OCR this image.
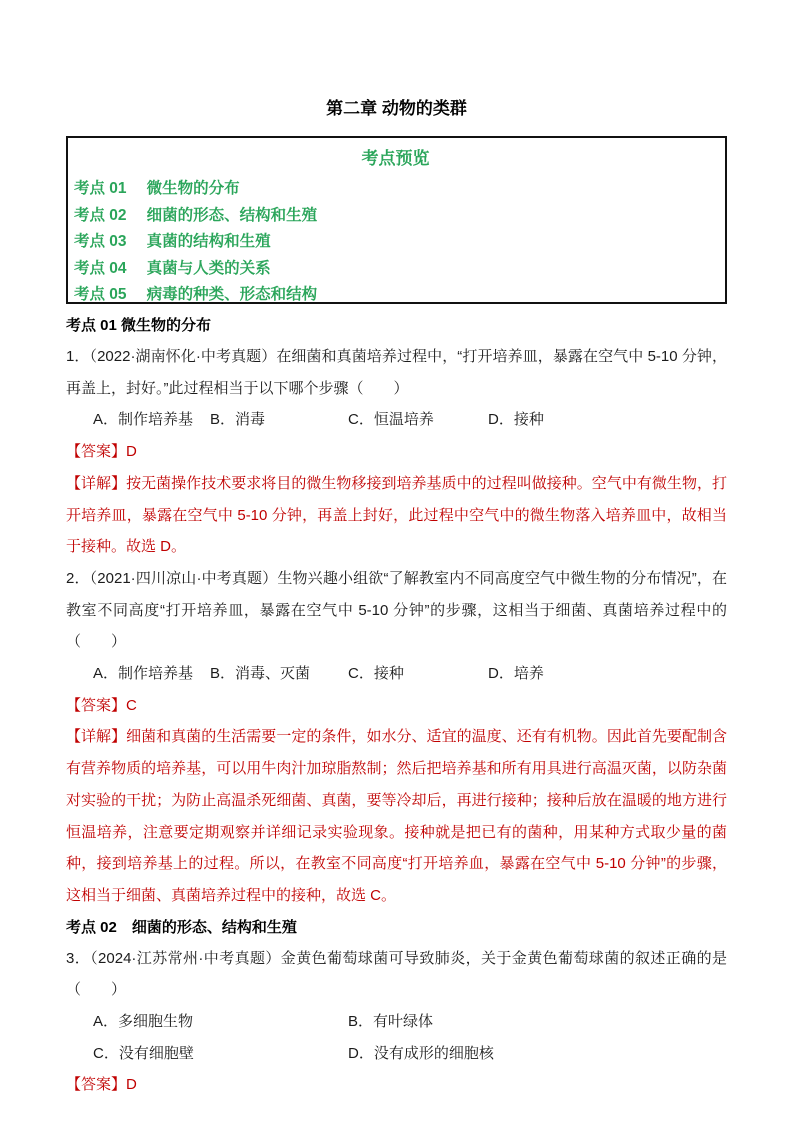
第二章 动物的类群
考点预览
考点 01 微生物的分布
考点 02 细菌的形态、结构和生殖
考点 03 真菌的结构和生殖
考点 04 真菌与人类的关系
考点 05 病毒的种类、形态和结构

考点 01 微生物的分布

1．（2022·湖南怀化·中考真题）在细菌和真菌培养过程中，“打开培养皿，暴露在空气中 5-10 分钟，再盖上，封好。”此过程相当于以下哪个步骤（　　）

A．制作培养基	B．消毒	C．恒温培养	D．接种

【答案】D

【详解】按无菌操作技术要求将目的微生物移接到培养基质中的过程叫做接种。空气中有微生物，打开培养皿，暴露在空气中 5-10 分钟，再盖上封好，此过程中空气中的微生物落入培养皿中，故相当于接种。故选 D。

2．（2021·四川凉山·中考真题）生物兴趣小组欲“了解教室内不同高度空气中微生物的分布情况”，在教室不同高度“打开培养皿，暴露在空气中 5-10 分钟”的步骤，这相当于细菌、真菌培养过程中的（　　）

A．制作培养基	B．消毒、灭菌	C．接种	D．培养

【答案】C

【详解】细菌和真菌的生活需要一定的条件，如水分、适宜的温度、还有有机物。因此首先要配制含有营养物质的培养基，可以用牛肉汁加琼脂熬制；然后把培养基和所有用具进行高温灭菌，以防杂菌对实验的干扰；为防止高温杀死细菌、真菌，要等冷却后，再进行接种；接种后放在温暖的地方进行恒温培养，注意要定期观察并详细记录实验现象。接种就是把已有的菌种，用某种方式取少量的菌种，接到培养基上的过程。所以，在教室不同高度“打开培养血，暴露在空气中 5-10 分钟”的步骤，这相当于细菌、真菌培养过程中的接种，故选 C。

考点 02　细菌的形态、结构和生殖

3．（2024·江苏常州·中考真题）金黄色葡萄球菌可导致肺炎，关于金黄色葡萄球菌的叙述正确的是（　　）

A．多细胞生物	B．有叶绿体
C．没有细胞壁	D．没有成形的细胞核

【答案】D
